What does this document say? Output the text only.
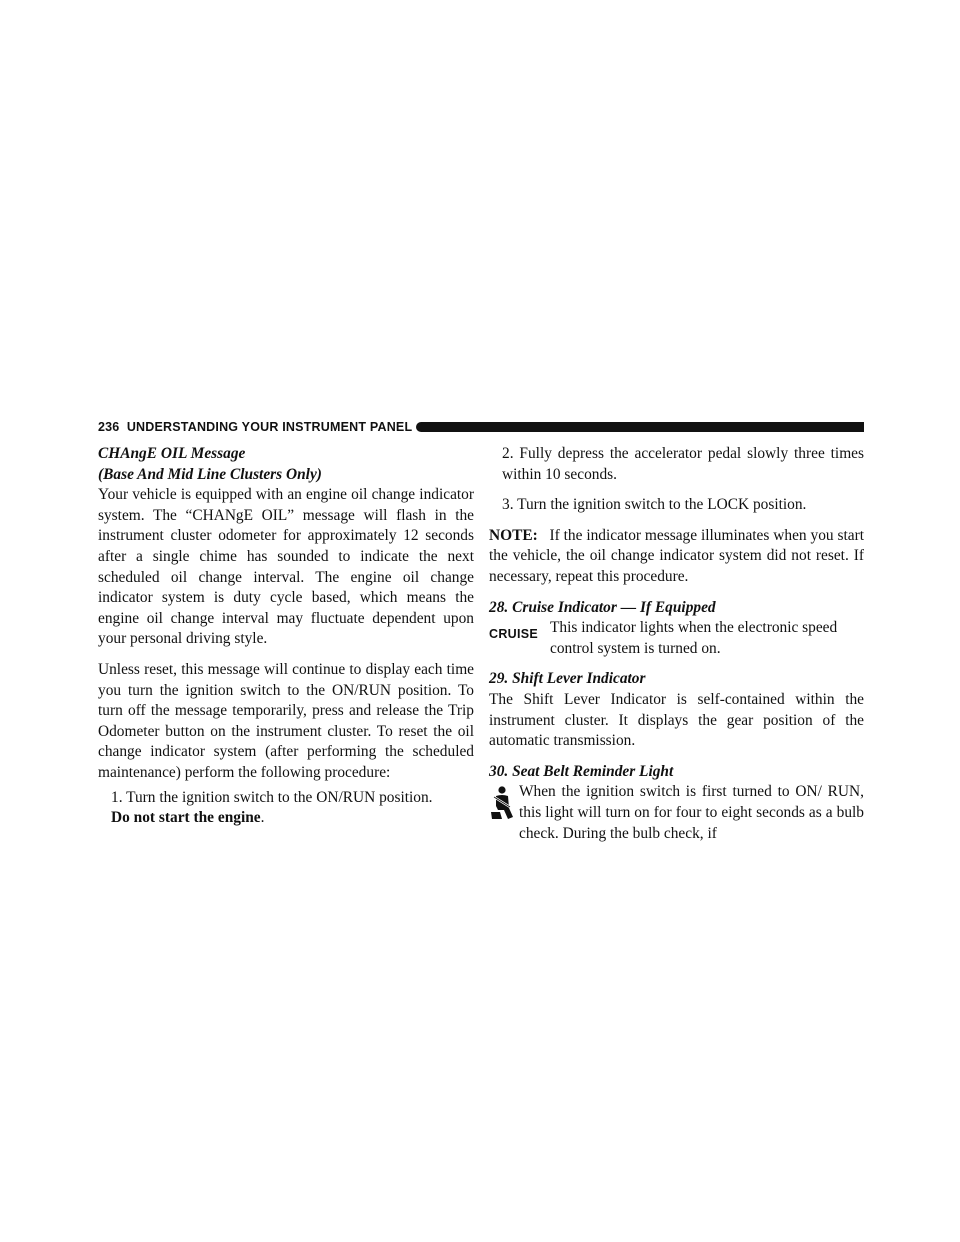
236 UNDERSTANDING YOUR INSTRUMENT PANEL
CHAngE OIL Message
(Base And Mid Line Clusters Only)

Your vehicle is equipped with an engine oil change indicator system. The “CHANgE OIL” message will flash in the instrument cluster odometer for approximately 12 seconds after a single chime has sounded to indicate the next scheduled oil change interval. The engine oil change indicator system is duty cycle based, which means the engine oil change interval may fluctuate dependent upon your personal driving style.

Unless reset, this message will continue to display each time you turn the ignition switch to the ON/RUN position. To turn off the message temporarily, press and release the Trip Odometer button on the instrument cluster. To reset the oil change indicator system (after performing the scheduled maintenance) perform the following procedure:

1. Turn the ignition switch to the ON/RUN position.
Do not start the engine.

2. Fully depress the accelerator pedal slowly three times within 10 seconds.

3. Turn the ignition switch to the LOCK position.

NOTE: If the indicator message illuminates when you start the vehicle, the oil change indicator system did not reset. If necessary, repeat this procedure.

28. Cruise Indicator — If Equipped
CRUISE This indicator lights when the electronic speed control system is turned on.

29. Shift Lever Indicator

The Shift Lever Indicator is self-contained within the instrument cluster. It displays the gear position of the automatic transmission.

30. Seat Belt Reminder Light

When the ignition switch is first turned to ON/ RUN, this light will turn on for four to eight seconds as a bulb check. During the bulb check, if
